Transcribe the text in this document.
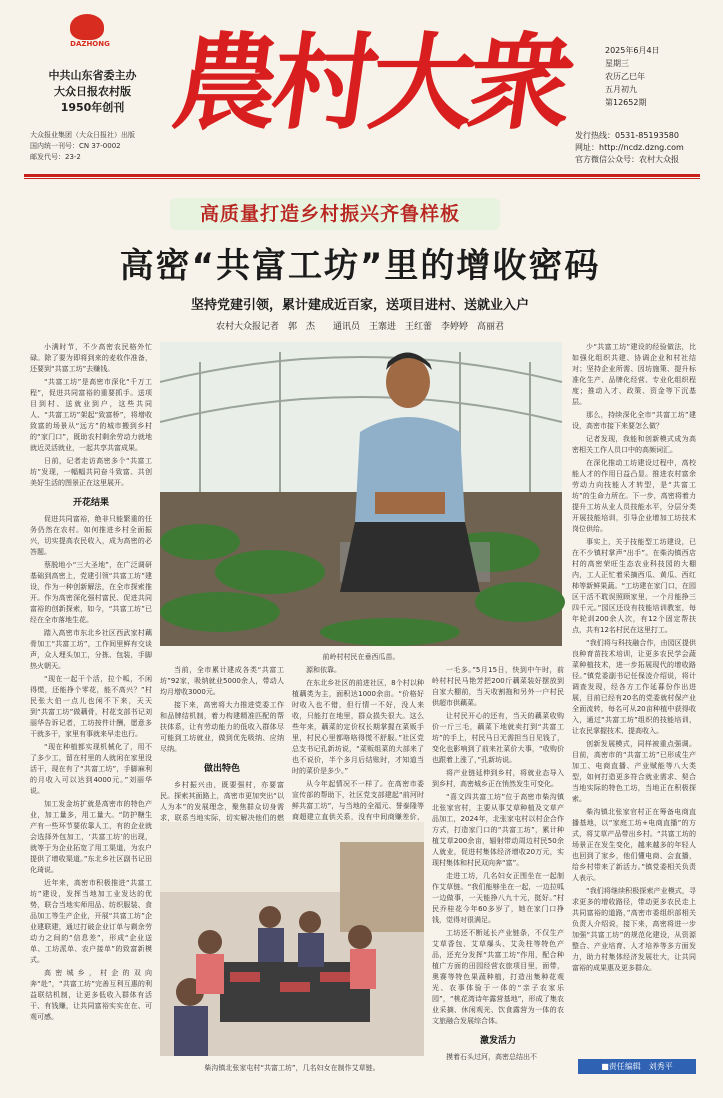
DAZHONG
中共山东省委主办
大众日报农村版
1950年创刊
大众报业集团（大众日报社）出版
国内统一刊号：CN 37-0002
邮发代号：23-2
農村大衆	2025年6月4日
星期三
农历乙巳年
五月初九
第12652期
发行热线：0531-85193580
网址：http://ncdz.dzng.com
官方微信公众号：农村大众报
高质量打造乡村振兴齐鲁样板
高密“共富工坊”里的增收密码
坚持党建引领，累计建成近百家，送项目进村、送就业入户
农村大众报记者　郭　杰　　通讯员　王寨进　王红蕾　李婷婷　高丽君

小满时节，不少高密农民格外忙碌。除了要为即将到来的麦收作准备，还要到“共富工坊”去赚钱。

“共富工坊”是高密市深化“千万工程”，促进共同富裕的重要抓手。送项目到村、送就业到户，这些共同人、“共富工坊”架起“致富桥”，将增收致富的场景从“远方”的城市搬到乡村的“家门口”，既助农村剩余劳动力就地就近灵活就业，一起共享共富成果。

日前，记者走访高密多个“共富工坊”发现，一幅幅共同奋斗致富、共创美好生活的图景正在这里展开。

开花结果

促进共同富裕，绝非只能繁重的任务仍然在农村。如何推进乡村全面振兴，切实提高农民收入，成为高密的必答题。

蔡脱地小“三大圣地”，在广泛调研基础到高密上，党建引领“共富工坊”建设，作为一种创新解法，在全市探索推开。作为高密深化强村富民、促进共同富裕的创新探索，如今，“共富工坊”已经在全市落地生花。

踏入高密市东北乡社区西武家村藕骨加工“共富工坊”，工作间里鲜有交谈声，众人埋头加工，分拣、包装，手脚热火朝天。

“现在一起干个活，拉个呱，不闲得慌，还能挣个零花，能不高兴？”村民张大伯一点儿也闲不下来，天天到“共富工坊”做藕骨，村花支部书记刘丽华告诉记者，工坊按件计酬，愿意多干就多干，家里有事就来早走也行。

“现在种植都实现机械化了，用不了多少工，留在村里的人就闲在家里没活干，现在有了“共富工坊”，手脚麻利的月收入可以达到4000元。”刘丽华说。

加工发金坊扩就是高密市的特色产业，加工量多，用工量大。“防护糖生产有一些环节要依靠人工，有的企业就会选择外包加工，‘共富工坊’的出现，就等于为企业拓宽了用工渠道，为农户提供了增收渠道。”东北乡社区副书记田化琦说。

近年来，高密市积极推进“共富工坊”建设，发挥当地加工业发达的优势，联合当地实师用品、纺织服装、食品加工等生产企业，开展“共富工坊”企业建联建，通过打破企业订单与剩余劳动力之间的“信息差”，形成“企业送单、工坊派单、农户接单”的致富新模式。

高密城乡，村企的双向奔“赴”，“共富工坊”完善互利互惠的利益联结机制，让更多低收入群体有活干、有钱赚，让共同富裕实实在在、可观可感。

前岭村村民在垂西瓜苗。

当前，全市累计建成各类“共富工坊”92家，吸纳就业5000余人，带动人均月增收3000元。

接下来，高密将大力推进党委工作和品牌结机制，着力构建精准匹配的帮扶体系，让有劳动能力的低收入群体尽可能到工坊就业，做到优先吸纳、应纳尽纳。

做出特色

乡村振兴由，既要强村，亦要富民。探索其面路上，高密市更加突出“以人为本”的发展理念，聚焦群众切身需求，联系当地实际，切实解决他们的燃

源和依靠。

在东北乡社区的前进社区，8个村以种植藕类为主，面积达1000余亩。“价格好时收入也不错，但行情一不好，没人来收，只能打在地里，群众损失很大。这么些年来，藕菜的定价权长期掌握在菜贩手里，村民心里都咯咯得慌不舒服。”社区党总支书记孔新坊说，“菜贩组菜的大部来了也不说价，半个多月后结账时，才知道当时的菜价是多少。”

从今年起情况不一样了。在高密市委宣传部的帮助下，社区党支部建起“前河时鲜共富工坊”，与当地的全福元、誉泰隆等商超建立直供关系，没有中间商赚差价，

柴沟镇北张家屯村“共富工坊”，几名妇女在制作艾草链。

一毛多。”5月15日，快到中午时，前岭村村民马艳芳把200斤藕菜装好摆放到自家大棚前，当天收割拖和另外一户村民供超市供藕菜。

让村民开心的还有，当天的藕菜收购价一斤三毛，藕菜下地就卖打到“共富工坊”的手上，村民马日无需担当日见钱了，变化也影响到了前来社菜价大事，“收购价也跟着上涨了，”孔新坊说。

将产业链延伸到乡村，将就业态导入到乡村，高密城乡正在悄然发生可变化。

“喜文四共富工坊”位于高密市柴沟镇北张家官村，主要从事艾草种植及文草产品加工，2024年，北张家屯村以村企合作方式，打造家门口的“共富工坊”，累计种植艾草200余亩，辐射带动周边村民50余人就业，促进村集体经济增收20万元，实现村集体和村民双向奔“富”。

走进工坊，几名妇女正围坐在一起制作艾草链。“我们能够坐在一起，一边拉呱一边做事，一天能挣八九十元，挺好。”村民乔桂花今年60多岁了，她在家门口挣钱，觉得对很满足。

工坊还不断延长产业链条，不仅生产艾草香包、艾草爆头、艾灸柱等特色产品，还充分发挥“共富工坊”作用，配合种植广方面的田园经营农旅项目里，面带，奥赛等特色果蔬种植，打造出集种花观光、农事体验于一体的“亲子农家乐园”，“桃花湾诗年露营基地”，形成了集农业采摘、休闲观光、饮食露营为一体的农文旅融合发展综合体。

激发活力

摸着石头过河，高密总结出不

少“共富工坊”建设的经验做法，比如强化组织共建、协调企业和村社结对；坚持企业所需、因坊施策、提升标准化生产、品牌化经营、专业化组织程度；推动入才、政策、资金等下沉基层。

那么，持续深化全市“共富工坊”建设，高密市接下来要怎么做？

记者发现，我能和创新模式成为高密相关工作人员口中的高频词汇。

在深化推动工坊建设过程中，高校能人才的作用日益凸显。推进农村富余劳动力向技能人才转型，是“共富工坊”的生命力所在。下一步，高密将着力提升工坊从业人员技能水平，分层分类开展技能培训，引导企业增加工坊技术岗位供给。

事实上，关于技能型工坊建设，已在不少镇村掌声“出手”。在柴沟镇西店村的高密荣旺生态农业科技园的大棚内，工人正忙着采摘西瓜、黄瓜、西红柿等新鲜果蔬。“工坊建在家门口，在园区干活不耽误照顾家里，一个月能挣三四千元。”园区还设有技能培训教室，每年轮训200余人次，有12个固定帮扶点，共有12名村民在这里打工。

“我们将与科技融合作，由园区提供良种育苗技术培训，让更多农民学会蔬菜种植技术，进一步拓展现代的增收路径。”镇党委副书记任保凌介绍说，将计调查发现，经各方工作延暮份作出进展，目前已经有20名的党委就村保产业全面流转，每名可从20亩种植中获得收入，通过“共富工坊”组织的技能培训，让农民掌握技术、提高收入。

创新发展模式，同样被重点强调。目前，高密市的“共富工坊”已形成生产加工、电商直播、产业赋能等八大类型，如何打造更多符合就业需求、契合当地实际的特色工坊，当地正在积极探索。

柴沟镇北张家官村正在筹备电商直播基地，以“家庭工坊+电商直播”的方式，将艾草产品带出乡村。“共富工坊的场景正在发生变化，越来越多的年轻人也回到了家乡，他们懂电商、会直播，给乡村带来了新活力。”镇党委相关负责人表示。

“我们将继续积极探索产业模式，寻求更多的增收路径，带动更多农民走上共同富裕的道路，”高密市委组织部相关负责人介绍说，接下来，高密将进一步加强“共富工坊”的规范化建设，从资源整合、产业培育、人才培养等多方面发力，助力村集体经济发展壮大，让共同富裕的成果惠及更多群众。

■责任编辑　刘秀平
